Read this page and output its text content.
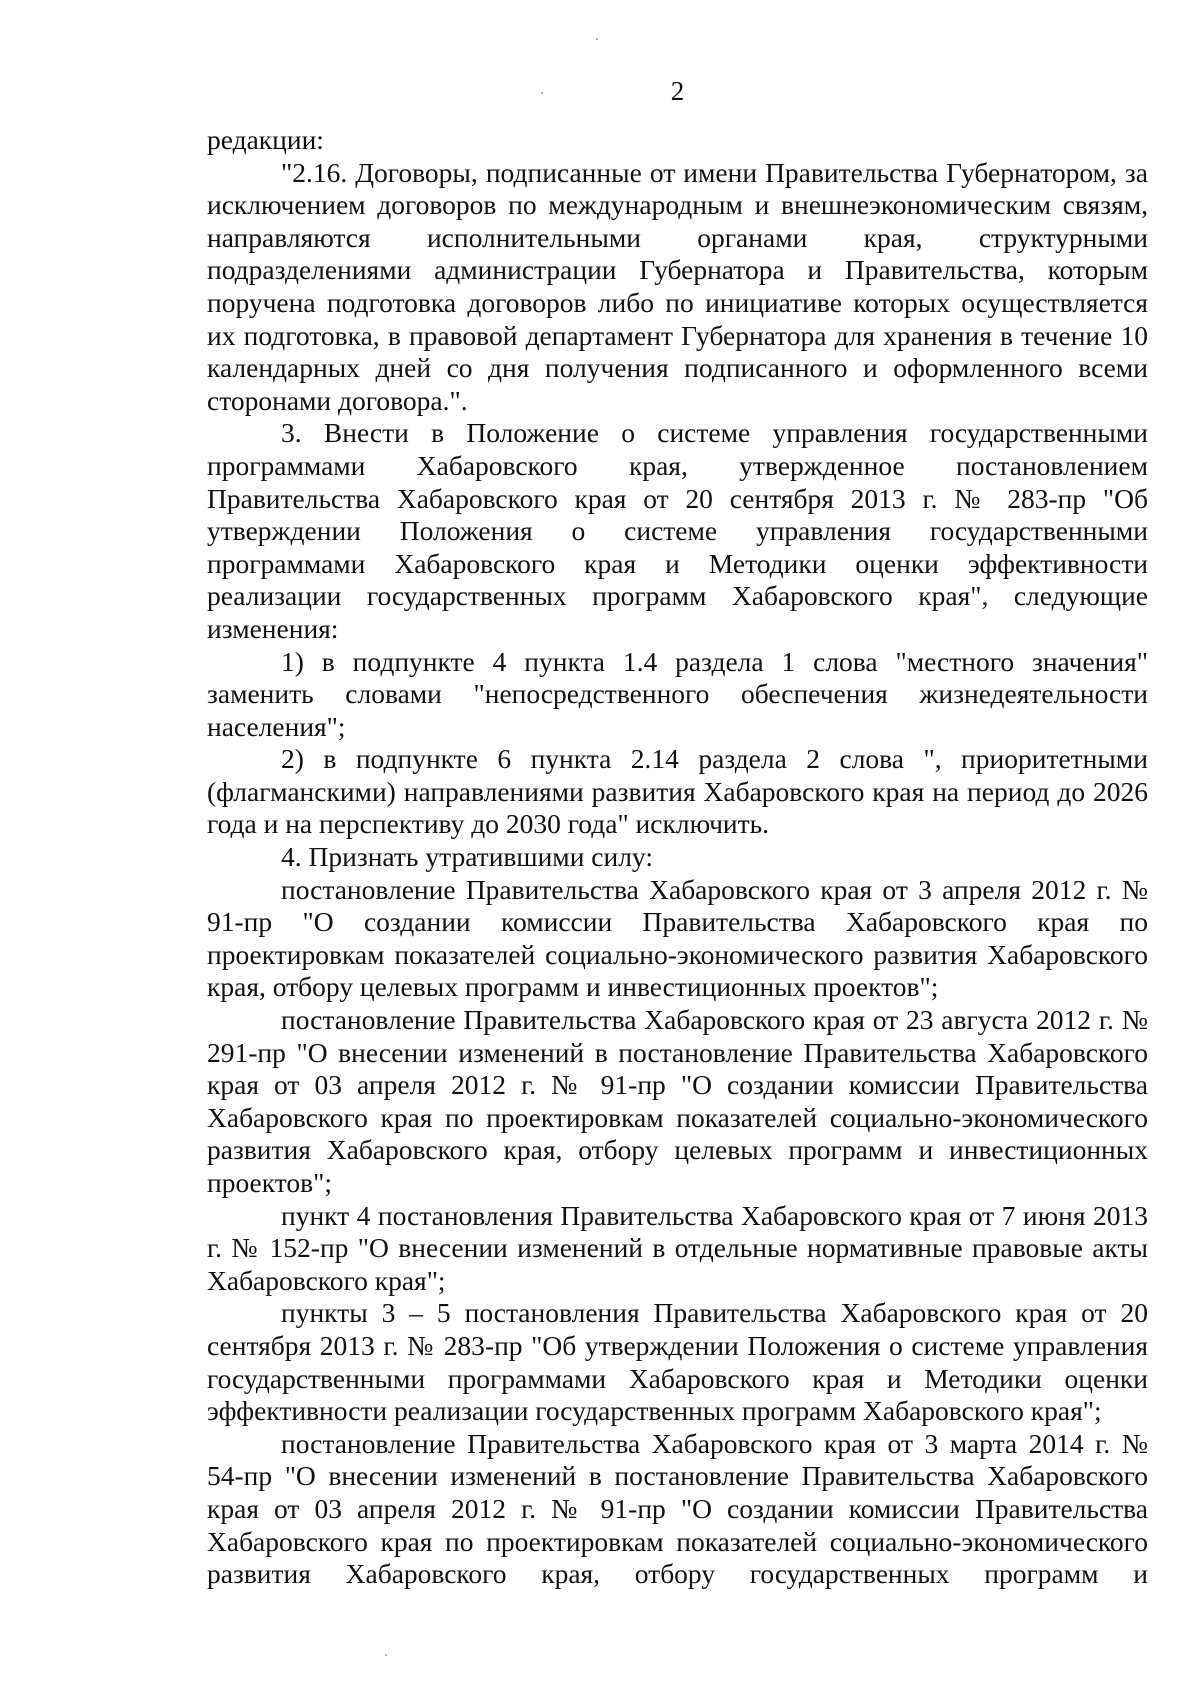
2

редакции:

"2.16. Договоры, подписанные от имени Правительства Губернатором, за исключением договоров по международным и внешнеэкономическим связям, направляются исполнительными органами края, структурными подразделениями администрации Губернатора и Правительства, которым поручена подготовка договоров либо по инициативе которых осуществляется их подготовка, в правовой департамент Губернатора для хранения в течение 10 календарных дней со дня получения подписанного и оформленного всеми сторонами договора.".

3. Внести в Положение о системе управления государственными программами Хабаровского края, утвержденное постановлением Правительства Хабаровского края от 20 сентября 2013 г. № 283-пр "Об утверждении Положения о системе управления государственными программами Хабаровского края и Методики оценки эффективности реализации государственных программ Хабаровского края", следующие изменения:

1) в подпункте 4 пункта 1.4 раздела 1 слова "местного значения" заменить словами "непосредственного обеспечения жизнедеятельности населения";

2) в подпункте 6 пункта 2.14 раздела 2 слова ", приоритетными (флагманскими) направлениями развития Хабаровского края на период до 2026 года и на перспективу до 2030 года" исключить.

4. Признать утратившими силу:

постановление Правительства Хабаровского края от 3 апреля 2012 г. № 91-пр "О создании комиссии Правительства Хабаровского края по проектировкам показателей социально-экономического развития Хабаровского края, отбору целевых программ и инвестиционных проектов";

постановление Правительства Хабаровского края от 23 августа 2012 г. № 291-пр "О внесении изменений в постановление Правительства Хабаровского края от 03 апреля 2012 г. № 91-пр "О создании комиссии Правительства Хабаровского края по проектировкам показателей социально-экономического развития Хабаровского края, отбору целевых программ и инвестиционных проектов";

пункт 4 постановления Правительства Хабаровского края от 7 июня 2013 г. № 152-пр "О внесении изменений в отдельные нормативные правовые акты Хабаровского края";

пункты 3 – 5 постановления Правительства Хабаровского края от 20 сентября 2013 г. № 283-пр "Об утверждении Положения о системе управления государственными программами Хабаровского края и Методики оценки эффективности реализации государственных программ Хабаровского края";

постановление Правительства Хабаровского края от 3 марта 2014 г. № 54-пр "О внесении изменений в постановление Правительства Хабаровского края от 03 апреля 2012 г. № 91-пр "О создании комиссии Правительства Хабаровского края по проектировкам показателей социально-экономического развития Хабаровского края, отбору государственных программ и
